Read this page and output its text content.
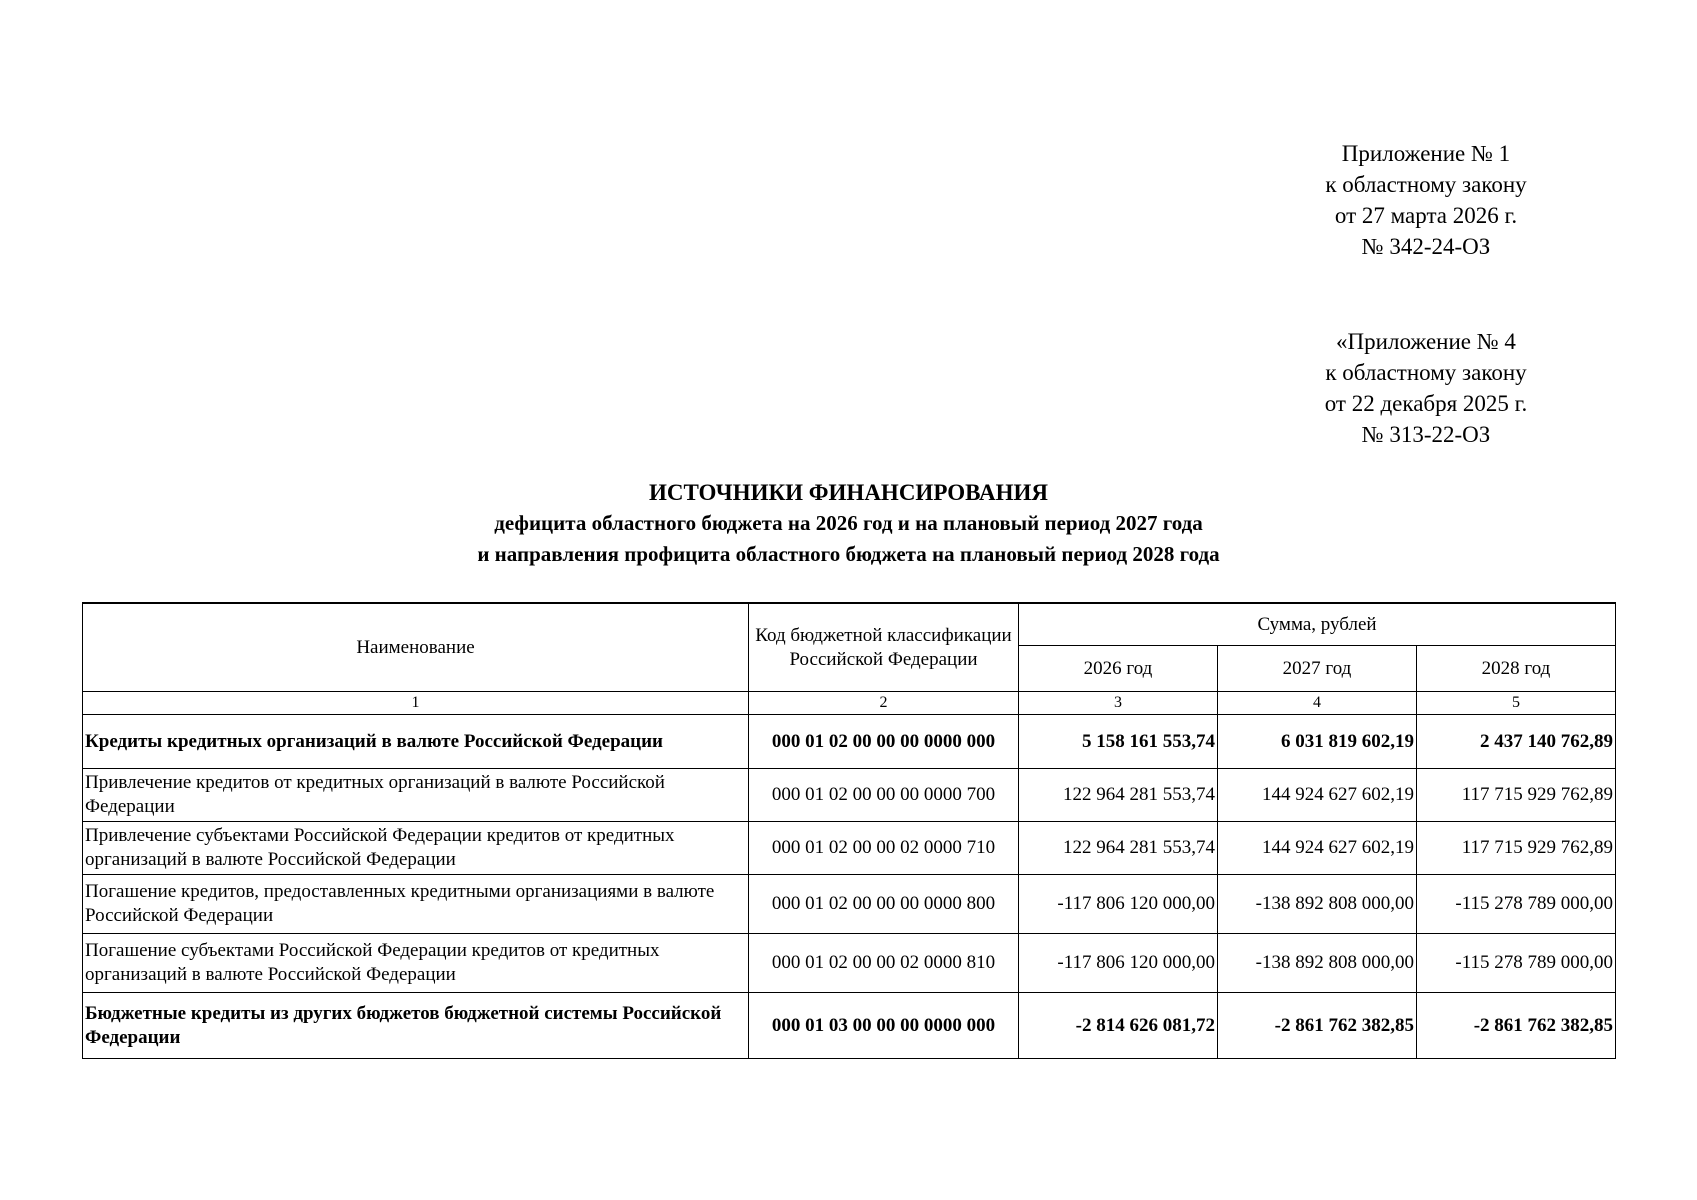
Приложение № 1
к областному закону
от 27 марта 2026 г.
№ 342-24-ОЗ
«Приложение № 4
к областному закону
от 22 декабря 2025 г.
№ 313-22-ОЗ
ИСТОЧНИКИ ФИНАНСИРОВАНИЯ
дефицита областного бюджета на 2026 год и на плановый период 2027 года
и направления профицита областного бюджета на плановый период 2028 года
Наименование	Код бюджетной классификации Российской Федерации	Сумма, рублей		
		2026 год	2027 год	2028 год
1	2	3	4	5
Кредиты кредитных организаций в валюте Российской Федерации	000 01 02 00 00 00 0000 000	5 158 161 553,74	6 031 819 602,19	2 437 140 762,89
Привлечение кредитов от кредитных организаций в валюте Российской Федерации	000 01 02 00 00 00 0000 700	122 964 281 553,74	144 924 627 602,19	117 715 929 762,89
Привлечение субъектами Российской Федерации кредитов от кредитных организаций в валюте Российской Федерации	000 01 02 00 00 02 0000 710	122 964 281 553,74	144 924 627 602,19	117 715 929 762,89
Погашение кредитов, предоставленных кредитными организациями в валюте Российской Федерации	000 01 02 00 00 00 0000 800	-117 806 120 000,00	-138 892 808 000,00	-115 278 789 000,00
Погашение субъектами Российской Федерации кредитов от кредитных организаций в валюте Российской Федерации	000 01 02 00 00 02 0000 810	-117 806 120 000,00	-138 892 808 000,00	-115 278 789 000,00
Бюджетные кредиты из других бюджетов бюджетной системы Российской Федерации	000 01 03 00 00 00 0000 000	-2 814 626 081,72	-2 861 762 382,85	-2 861 762 382,85
